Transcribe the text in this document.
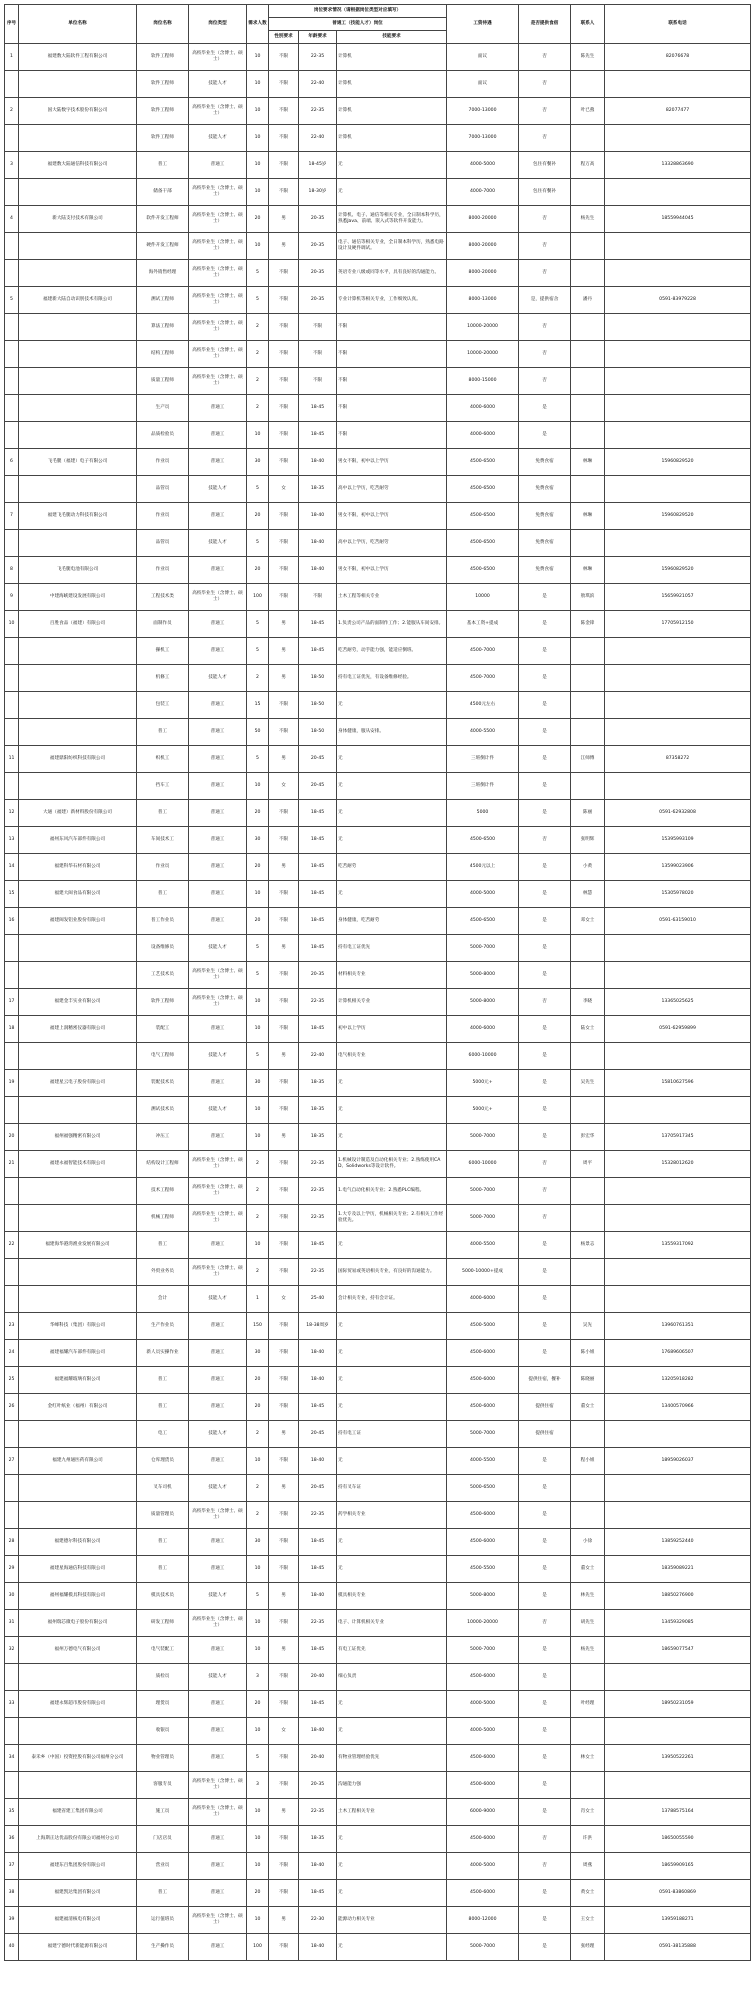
序号	单位名称	岗位名称	岗位类型	需求人数	岗位要求情况（请根据岗位类型对应填写）			工资待遇	是否提供食宿	联系人	联系电话
					普通工（技能人才）岗位						
					性别要求	年龄要求	技能要求				
1	福建数大陆软件工程有限公司	软件工程师	高校毕业生（含博士、硕士）	10	不限	22-35	计算机	面议	否	陈先生	82076678
		软件工程师	技能人才	10	不限	22-40	计算机	面议	否		
2	国大陆数字技术股份有限公司	软件工程师	高校毕业生（含博士、硕士）	10	不限	22-35	计算机	7000-13000	否	叶已燕	82077477
		软件工程师	技能人才	10	不限	22-40	计算机	7000-13000	否		
3	福建数大陆通信科技有限公司	普工	普通工	10	不限	18-45岁	无	4000-5000	包住有餐补	程万高	13328863690
		储备干部	高校毕业生（含博士、硕士）	10	不限	18-30岁	无	4000-7000	包住有餐补		
4	新大陆支付技术有限公司	软件开发工程师	高校毕业生（含博士、硕士）	20	男	20-35	计算机、电子、通信等相关专业，全日制本科学历，熟悉Java、前端、嵌入式等软件开发能力。	8000-20000	否	杨先生	18559944045
		硬件开发工程师	高校毕业生（含博士、硕士）	10	男	20-35	电子、通信等相关专业，全日制本科学历，熟悉电路设计及硬件调试。	8000-20000	否		
		海外销售经理	高校毕业生（含博士、硕士）	5	不限	20-35	英语专业八级或同等水平，具有良好的沟通能力。	8000-20000	否		
5	福建新大陆自动识别技术有限公司	测试工程师	高校毕业生（含博士、硕士）	5	不限	20-35	专业计算机等相关专业，工作细致认真。	8000-13000	是，提供宿舍	潘丹	0591-83979228
		算法工程师	高校毕业生（含博士、硕士）	2	不限	不限	不限	10000-20000	否		
		结构工程师	高校毕业生（含博士、硕士）	2	不限	不限	不限	10000-20000	否		
		质量工程师	高校毕业生（含博士、硕士）	2	不限	不限	不限	8000-15000	否		
		生产员	普通工	2	不限	18-45	不限	4000-6000	是		
		品质检验员	普通工	10	不限	18-45	不限	4000-6000	是		
6	飞毛腿（福建）电子有限公司	作业员	普通工	30	不限	18-40	男女不限，初中以上学历	4500-6500	免费食宿	林琳	15960829520
		品管员	技能人才	5	女	18-35	高中以上学历，吃苦耐劳	4500-6500	免费食宿		
7	福建飞毛腿动力科技有限公司	作业员	普通工	20	不限	18-40	男女不限，初中以上学历	4500-6500	免费食宿	林琳	15960829520
		品管员	技能人才	5	不限	18-40	高中以上学历，吃苦耐劳	4500-6500	免费食宿		
8	飞毛腿电池有限公司	作业员	普通工	20	不限	18-40	男女不限，初中以上学历	4500-6500	免费食宿	林琳	15960829520
9	中建海峡建设发展有限公司	工程技术类	高校毕业生（含博士、硕士）	100	不限	不限	土木工程等相关专业	10000	是	敖琪滨	15659921057
10	百胜食品（福建）有限公司	面制作员	普通工	5	男	18-45	1.负责公司产品的面制作工作；2.能服从车间安排。	基本工资+提成	是	陈金锋	17705912150
		操机工	普通工	5	男	18-45	吃苦耐劳，动手能力强，能适应倒班。	4500-7000	是		
		机修工	技能人才	2	男	18-50	持有电工证优先，有设备维修经验。	4500-7000	是		
		包装工	普通工	15	不限	18-50	无	4500元左右	是		
		普工	普通工	50	不限	18-50	身体健康，服从安排。	4000-5500	是		
11	福建鼎阳纺织科技有限公司	织机工	普通工	5	男	20-45	无	三班倒计件	是	江师傅	87358272
		挡车工	普通工	10	女	20-45	无	三班倒计件	是		
12	大通（福建）新材料股份有限公司	普工	普通工	20	不限	18-45	无	5000	是	陈丽	0591-62932808
13	福州东风汽车部件有限公司	车间技术工	普通工	30	不限	18-45	无	4500-6500	否	张明辉	15395993109
14	福建科华石材有限公司	作业员	普通工	20	男	18-45	吃苦耐劳	4500元以上	是	小黄	13599023906
15	福建大闽食品有限公司	普工	普通工	10	不限	18-45	无	4000-5000	是	林慧	15305978020
16	福建闽发铝业股份有限公司	普工作业员	普通工	20	不限	18-45	身体健康，吃苦耐劳	4500-6500	是	邓女士	0591-63159010
		设备维修员	技能人才	5	男	18-45	持有电工证优先	5000-7000	是		
		工艺技术员	高校毕业生（含博士、硕士）	5	不限	20-35	材料相关专业	5000-8000	是		
17	福建金丰实业有限公司	软件工程师	高校毕业生（含博士、硕士）	10	不限	22-35	计算机相关专业	5000-8000	否	李晓	13365025625
18	福建上润精密仪器有限公司	装配工	普通工	10	不限	18-45	初中以上学历	4000-6000	是	陆女士	0591-62959899
		电气工程师	技能人才	5	男	22-40	电气相关专业	6000-10000	是		
19	福建星云电子股份有限公司	装配技术员	普通工	30	不限	18-35	无	5000元+	是	吴先生	15810627596
		测试技术员	技能人才	10	不限	18-35	无	5000元+	是		
20	福州福强精密有限公司	冲压工	普通工	10	男	18-35	无	5000-7000	是	彭宏华	13705917345
21	福建永福智能技术有限公司	结构设计工程师	高校毕业生（含博士、硕士）	2	不限	22-35	1.机械设计制造及自动化相关专业；2.熟练使用CAD、Solidworks等设计软件。	6000-10000	否	周平	15328012620
		技术工程师	高校毕业生（含博士、硕士）	2	不限	22-35	1.电气自动化相关专业；2.熟悉PLC编程。	5000-7000	否		
		机械工程师	高校毕业生（含博士、硕士）	2	不限	22-35	1.大专及以上学历，机械相关专业；2.有相关工作经验优先。	5000-7000	否		
22	福建海华港湾渔业发展有限公司	普工	普通工	10	不限	18-45	无	4000-5500	是	杨景志	13559317092
		外贸业务员	高校毕业生（含博士、硕士）	2	不限	22-35	国际贸易或英语相关专业，有良好的沟通能力。	5000-10000+提成	是		
		会计	技能人才	1	女	25-40	会计相关专业，持有会计证。	4000-6000	是		
23	华峰科技（集团）有限公司	生产作业员	普通工	150	不限	18-38周岁	无	4500-5000	是	吴先	13960761351
24	福建福耀汽车部件有限公司	新人员实操作业	普通工	30	不限	18-40	无	4500-6000	是	陈小姐	17689606507
25	福建福耀玻璃有限公司	普工	普通工	20	不限	18-40	无	4500-6000	提供住宿，餐补	陈晓丽	13205918282
26	金红叶纸业（福州）有限公司	普工	普通工	20	不限	18-45	无	4500-6000	提供住宿	董女士	13400570966
		电工	技能人才	2	男	20-45	持有电工证	5000-7000	提供住宿		
27	福建九州通医药有限公司	仓库理货员	普通工	10	不限	18-40	无	4000-5500	是	程小姐	18959026037
		叉车司机	技能人才	2	男	20-45	持有叉车证	5000-6500	是		
		质量管理员	高校毕业生（含博士、硕士）	2	不限	22-35	药学相关专业	4500-6000	是		
28	福建德尔科技有限公司	普工	普通工	30	不限	18-45	无	4500-6000	是	小徐	13859252440
29	福建星海通信科技有限公司	普工	普通工	10	不限	18-45	无	4500-5500	是	董女士	18359089221
30	福州福耀模具科技有限公司	模具技术员	技能人才	5	男	18-40	模具相关专业	5000-8000	是	林先生	18850276900
31	福州瑞芯微电子股份有限公司	研发工程师	高校毕业生（含博士、硕士）	10	不限	22-35	电子、计算机相关专业	10000-20000	否	胡先生	13459329085
32	福州万德电气有限公司	电气装配工	普通工	10	男	18-45	有电工证优先	5000-7000	是	杨先生	18659077547
		质检员	技能人才	3	不限	20-40	细心负责	4500-6000	是		
33	福建永辉超市股份有限公司	理货员	普通工	20	不限	18-45	无	4000-5000	是	叶经理	18950231059
		收银员	普通工	10	女	18-40	无	4000-5000	是		
34	泰禾乡（中国）投资控股有限公司福州分公司	物业管理员	普通工	5	不限	20-40	有物业管理经验优先	4500-6000	是	林女士	13950522261
		客服专员	高校毕业生（含博士、硕士）	3	不限	20-35	沟通能力强	4500-6000	是		
35	福建省建工集团有限公司	施工员	高校毕业生（含博士、硕士）	10	男	22-35	土木工程相关专业	6000-9000	是	肖女士	13788575164
36	上海斯正达优品股份有限公司福州分公司	门店店员	普通工	10	不限	18-35	无	4500-6000	否	许洪	18650055590
37	福建东百集团股份有限公司	营业员	普通工	10	不限	18-40	无	4000-5000	否	周燕	18659909165
38	福建凯达集团有限公司	普工	普通工	20	不限	18-45	无	4500-6000	是	黄女士	0591-83860869
39	福建福清核电有限公司	运行值班员	高校毕业生（含博士、硕士）	10	男	22-30	能源动力相关专业	8000-12000	是	王女士	13959188271
40	福建宁德时代新能源有限公司	生产操作员	普通工	100	不限	18-40	无	5000-7000	是	张经理	0591-38135888
